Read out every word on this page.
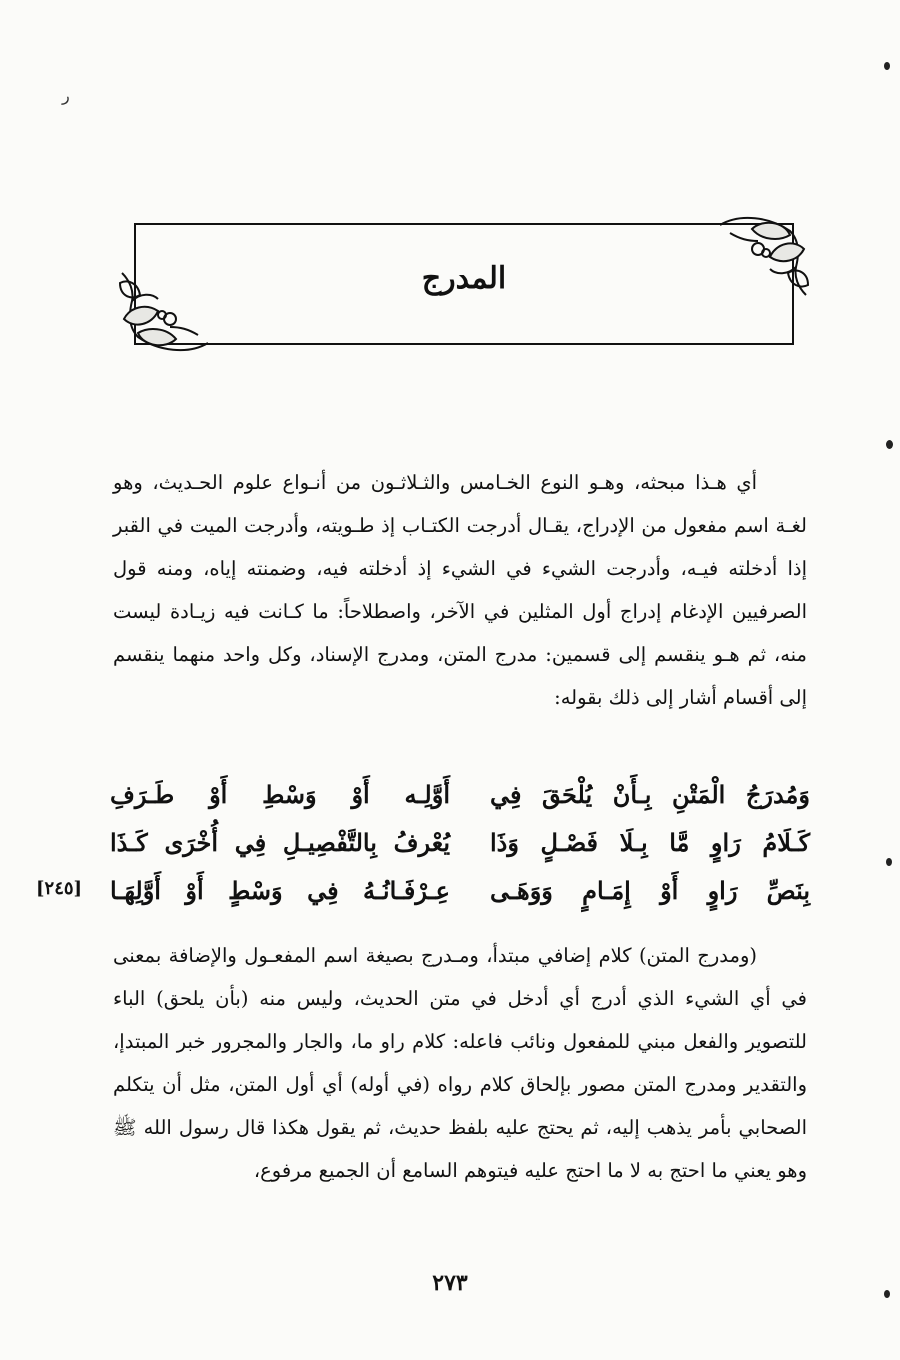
ر
المدرج
أي هـذا مبحثه، وهـو النوع الخـامس والثـلاثـون من أنـواع علوم الحـديث، وهو لغـة اسم مفعول من الإدراج، يقـال أدرجت الكتـاب إذ طـويته، وأدرجت الميت في القبر إذا أدخلته فيـه، وأدرجت الشيء في الشيء إذ أدخلته فيه، وضمنته إياه، ومنه قول الصرفيين الإدغام إدراج أول المثلين في الآخر، واصطلاحاً: ما كـانت فيه زيـادة ليست منه، ثم هـو ينقسم إلى قسمين: مدرج المتن، ومدرج الإسناد، وكل واحد منهما ينقسم إلى أقسام أشار إلى ذلك بقوله:
وَمُدرَجُ الْمَتْنِ بِـأَنْ يُلْحَقَ فِي
أَوَّلِـه أَوْ وَسْطِ أَوْ طَـرَفِ
كَـلَامُ رَاوٍ مَّا بِـلَا فَصْـلٍ وَذَا
يُعْرفُ بِالتَّفْصِيـلِ فِي أُخْرَى كَـذَا
بِنَصِّ رَاوٍ أَوْ إِمَـامٍ وَوَهَـى
عِـرْفَـانُـهُ فِي وَسْطٍ أَوْ أَوَّلِهَـا
[٢٤٥]
(ومدرج المتن) كلام إضافي مبتدأ، ومـدرج بصيغة اسم المفعـول والإضافة بمعنى في أي الشيء الذي أدرج أي أدخل في متن الحديث، وليس منه (بأن يلحق) الباء للتصوير والفعل مبني للمفعول ونائب فاعله: كلام راو ما، والجار والمجرور خبر المبتدإ، والتقدير ومدرج المتن مصور بإلحاق كلام رواه (في أوله) أي أول المتن، مثل أن يتكلم الصحابي بأمر يذهب إليه، ثم يحتج عليه بلفظ حديث، ثم يقول هكذا قال رسول الله ﷺ وهو يعني ما احتج به لا ما احتج عليه فيتوهم السامع أن الجميع مرفوع،
٢٧٣
